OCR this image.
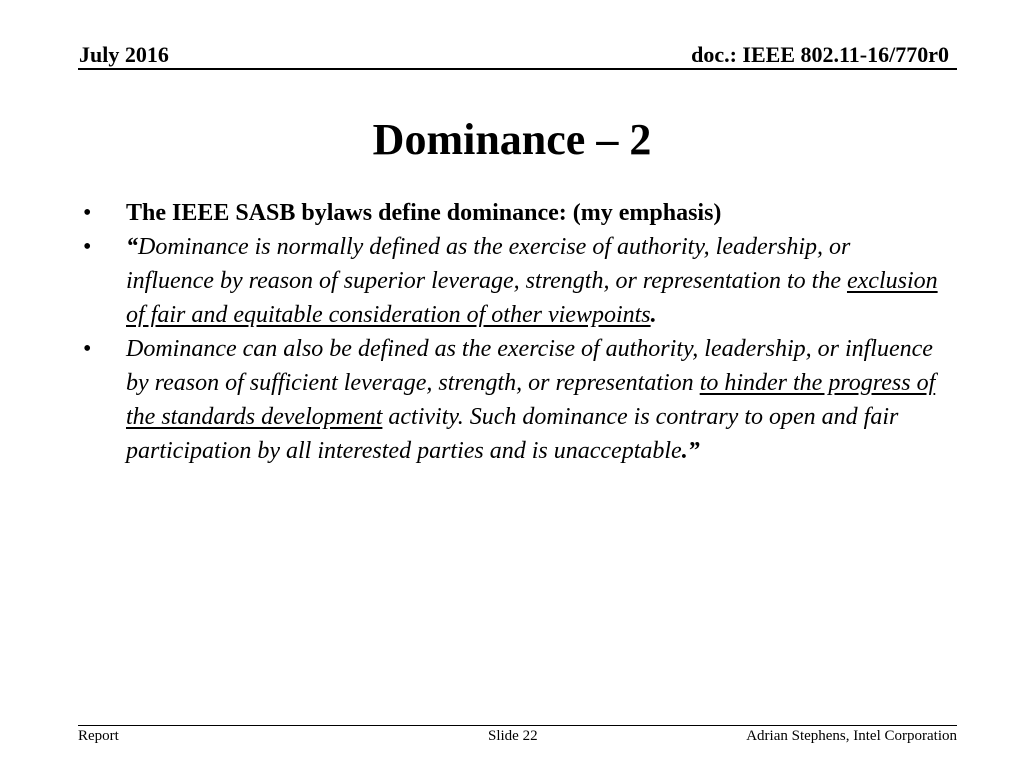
July 2016	doc.: IEEE 802.11-16/770r0
Dominance – 2
•	The IEEE SASB bylaws define dominance: (my emphasis)
•	“Dominance is normally defined as the exercise of authority, leadership, or influence by reason of superior leverage, strength, or representation to the exclusion of fair and equitable consideration of other viewpoints.
•	Dominance can also be defined as the exercise of authority, leadership, or influence by reason of sufficient leverage, strength, or representation to hinder the progress of the standards development activity. Such dominance is contrary to open and fair participation by all interested parties and is unacceptable.”
Report	Slide 22	Adrian Stephens, Intel Corporation
